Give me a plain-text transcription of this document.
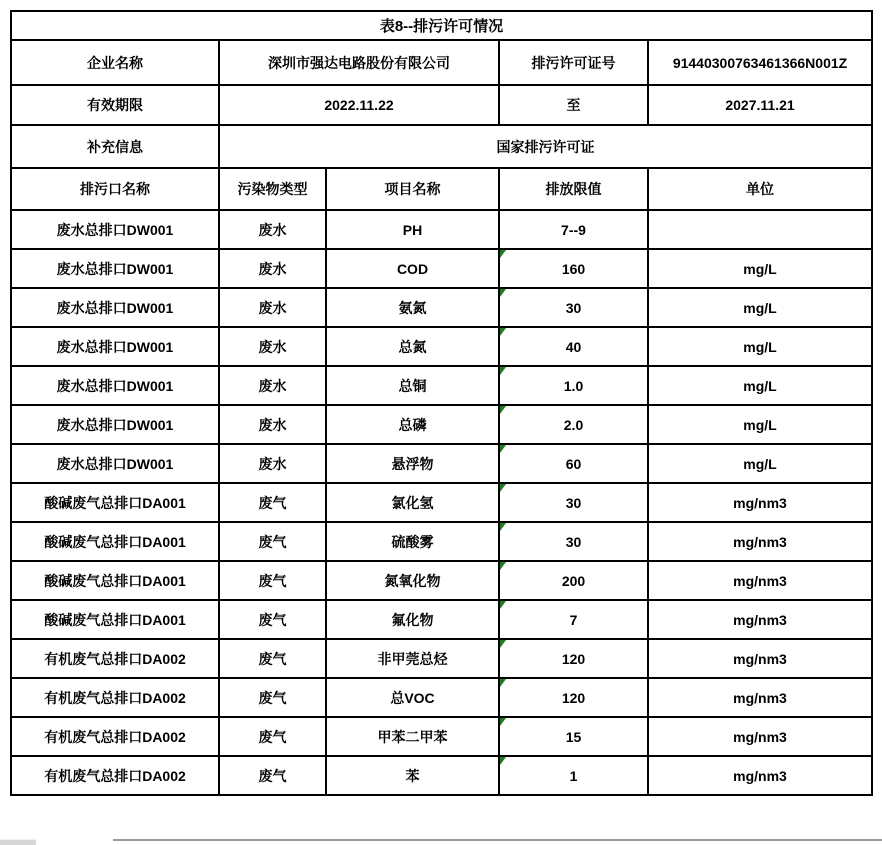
表8--排污许可情况				
企业名称	深圳市强达电路股份有限公司		排污许可证号	91440300763461366N001Z
有效期限	2022.11.22		至	2027.11.21
补充信息	国家排污许可证			
排污口名称	污染物类型	项目名称	排放限值	单位
废水总排口DW001	废水	PH	7--9	
废水总排口DW001	废水	COD	160	mg/L
废水总排口DW001	废水	氨氮	30	mg/L
废水总排口DW001	废水	总氮	40	mg/L
废水总排口DW001	废水	总铜	1.0	mg/L
废水总排口DW001	废水	总磷	2.0	mg/L
废水总排口DW001	废水	悬浮物	60	mg/L
酸碱废气总排口DA001	废气	氯化氢	30	mg/nm3
酸碱废气总排口DA001	废气	硫酸雾	30	mg/nm3
酸碱废气总排口DA001	废气	氮氧化物	200	mg/nm3
酸碱废气总排口DA001	废气	氟化物	7	mg/nm3
有机废气总排口DA002	废气	非甲莞总烃	120	mg/nm3
有机废气总排口DA002	废气	总VOC	120	mg/nm3
有机废气总排口DA002	废气	甲苯二甲苯	15	mg/nm3
有机废气总排口DA002	废气	苯	1	mg/nm3
